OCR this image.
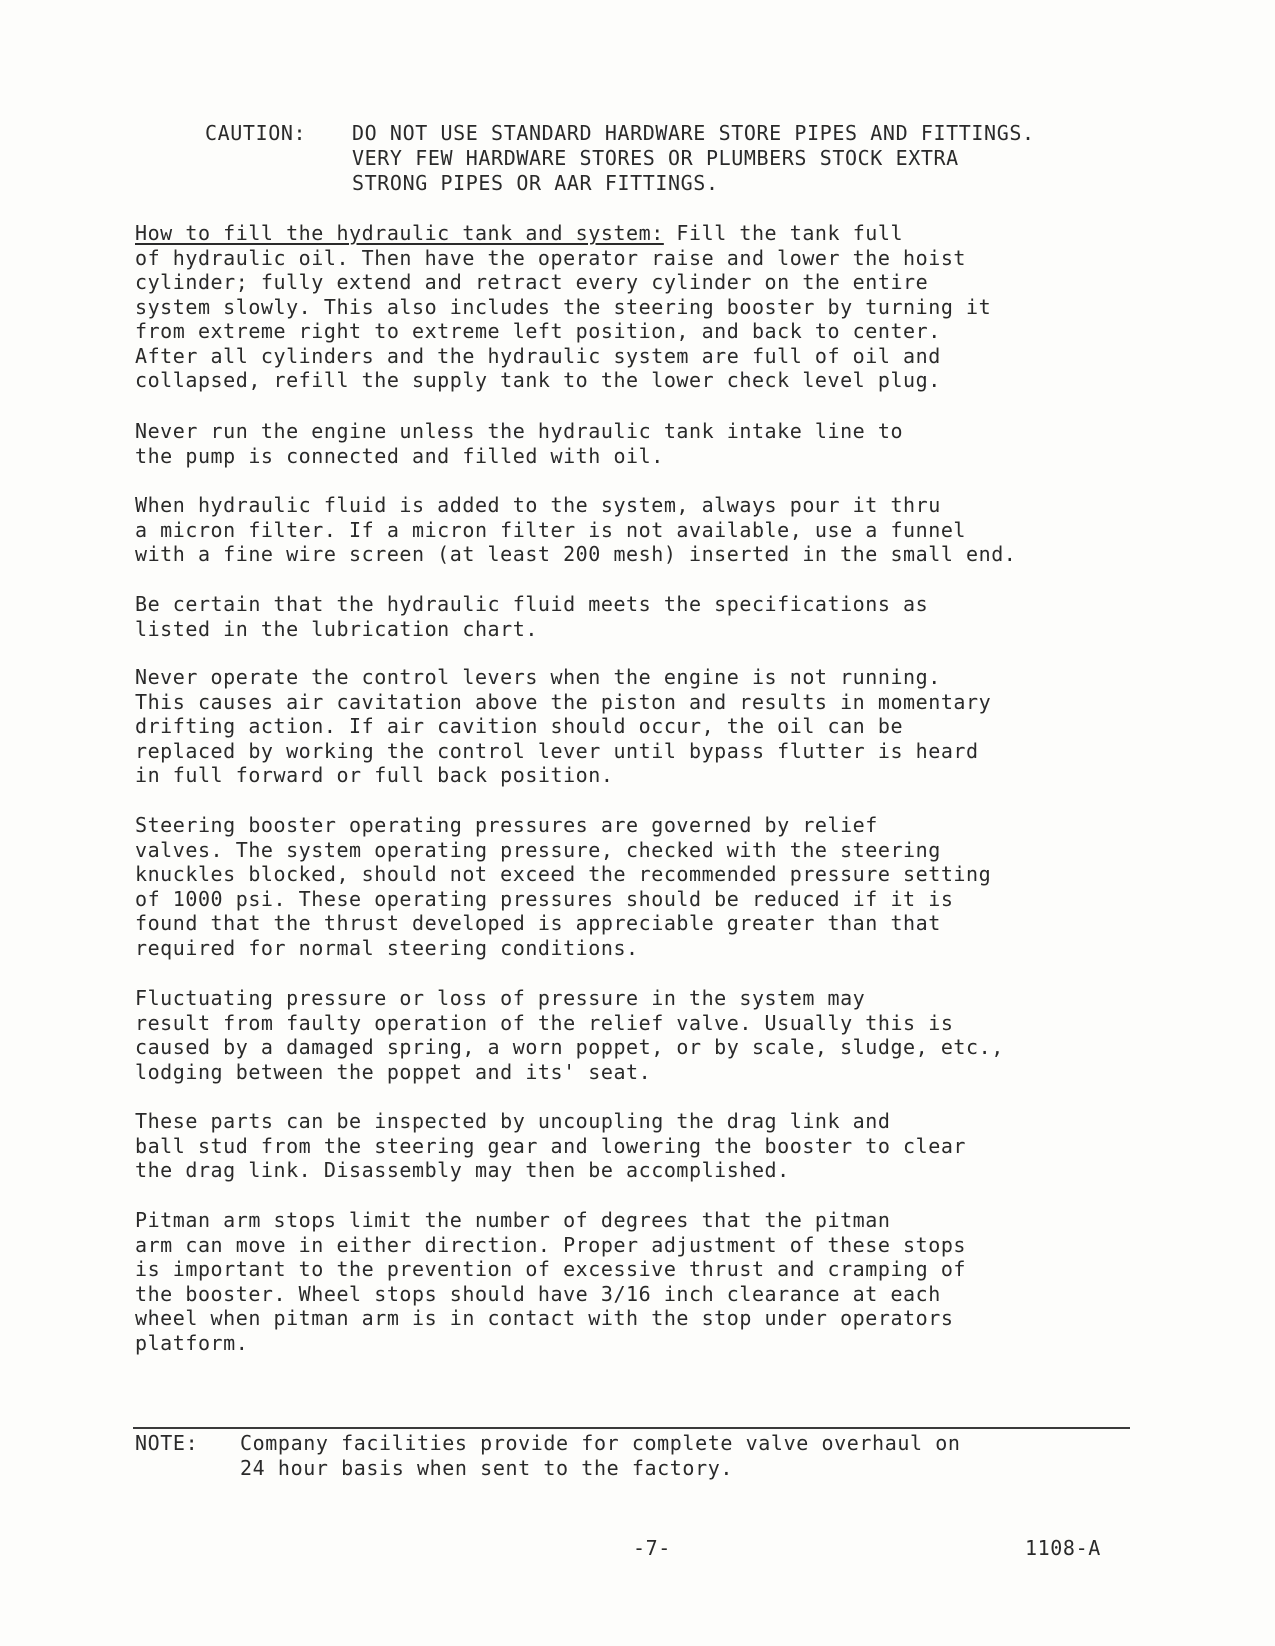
CAUTION: DO NOT USE STANDARD HARDWARE STORE PIPES AND FITTINGS.
VERY FEW HARDWARE STORES OR PLUMBERS STOCK EXTRA
STRONG PIPES OR AAR FITTINGS.

How to fill the hydraulic tank and system: Fill the tank full
of hydraulic oil. Then have the operator raise and lower the hoist
cylinder; fully extend and retract every cylinder on the entire
system slowly. This also includes the steering booster by turning it
from extreme right to extreme left position, and back to center.
After all cylinders and the hydraulic system are full of oil and
collapsed, refill the supply tank to the lower check level plug.

Never run the engine unless the hydraulic tank intake line to
the pump is connected and filled with oil.

When hydraulic fluid is added to the system, always pour it thru
a micron filter. If a micron filter is not available, use a funnel
with a fine wire screen (at least 200 mesh) inserted in the small end.

Be certain that the hydraulic fluid meets the specifications as
listed in the lubrication chart.

Never operate the control levers when the engine is not running.
This causes air cavitation above the piston and results in momentary
drifting action. If air cavition should occur, the oil can be
replaced by working the control lever until bypass flutter is heard
in full forward or full back position.

Steering booster operating pressures are governed by relief
valves. The system operating pressure, checked with the steering
knuckles blocked, should not exceed the recommended pressure setting
of 1000 psi. These operating pressures should be reduced if it is
found that the thrust developed is appreciable greater than that
required for normal steering conditions.

Fluctuating pressure or loss of pressure in the system may
result from faulty operation of the relief valve. Usually this is
caused by a damaged spring, a worn poppet, or by scale, sludge, etc.,
lodging between the poppet and its' seat.

These parts can be inspected by uncoupling the drag link and
ball stud from the steering gear and lowering the booster to clear
the drag link. Disassembly may then be accomplished.

Pitman arm stops limit the number of degrees that the pitman
arm can move in either direction. Proper adjustment of these stops
is important to the prevention of excessive thrust and cramping of
the booster. Wheel stops should have 3/16 inch clearance at each
wheel when pitman arm is in contact with the stop under operators
platform.

NOTE: Company facilities provide for complete valve overhaul on
24 hour basis when sent to the factory.
-7-	1108-A
